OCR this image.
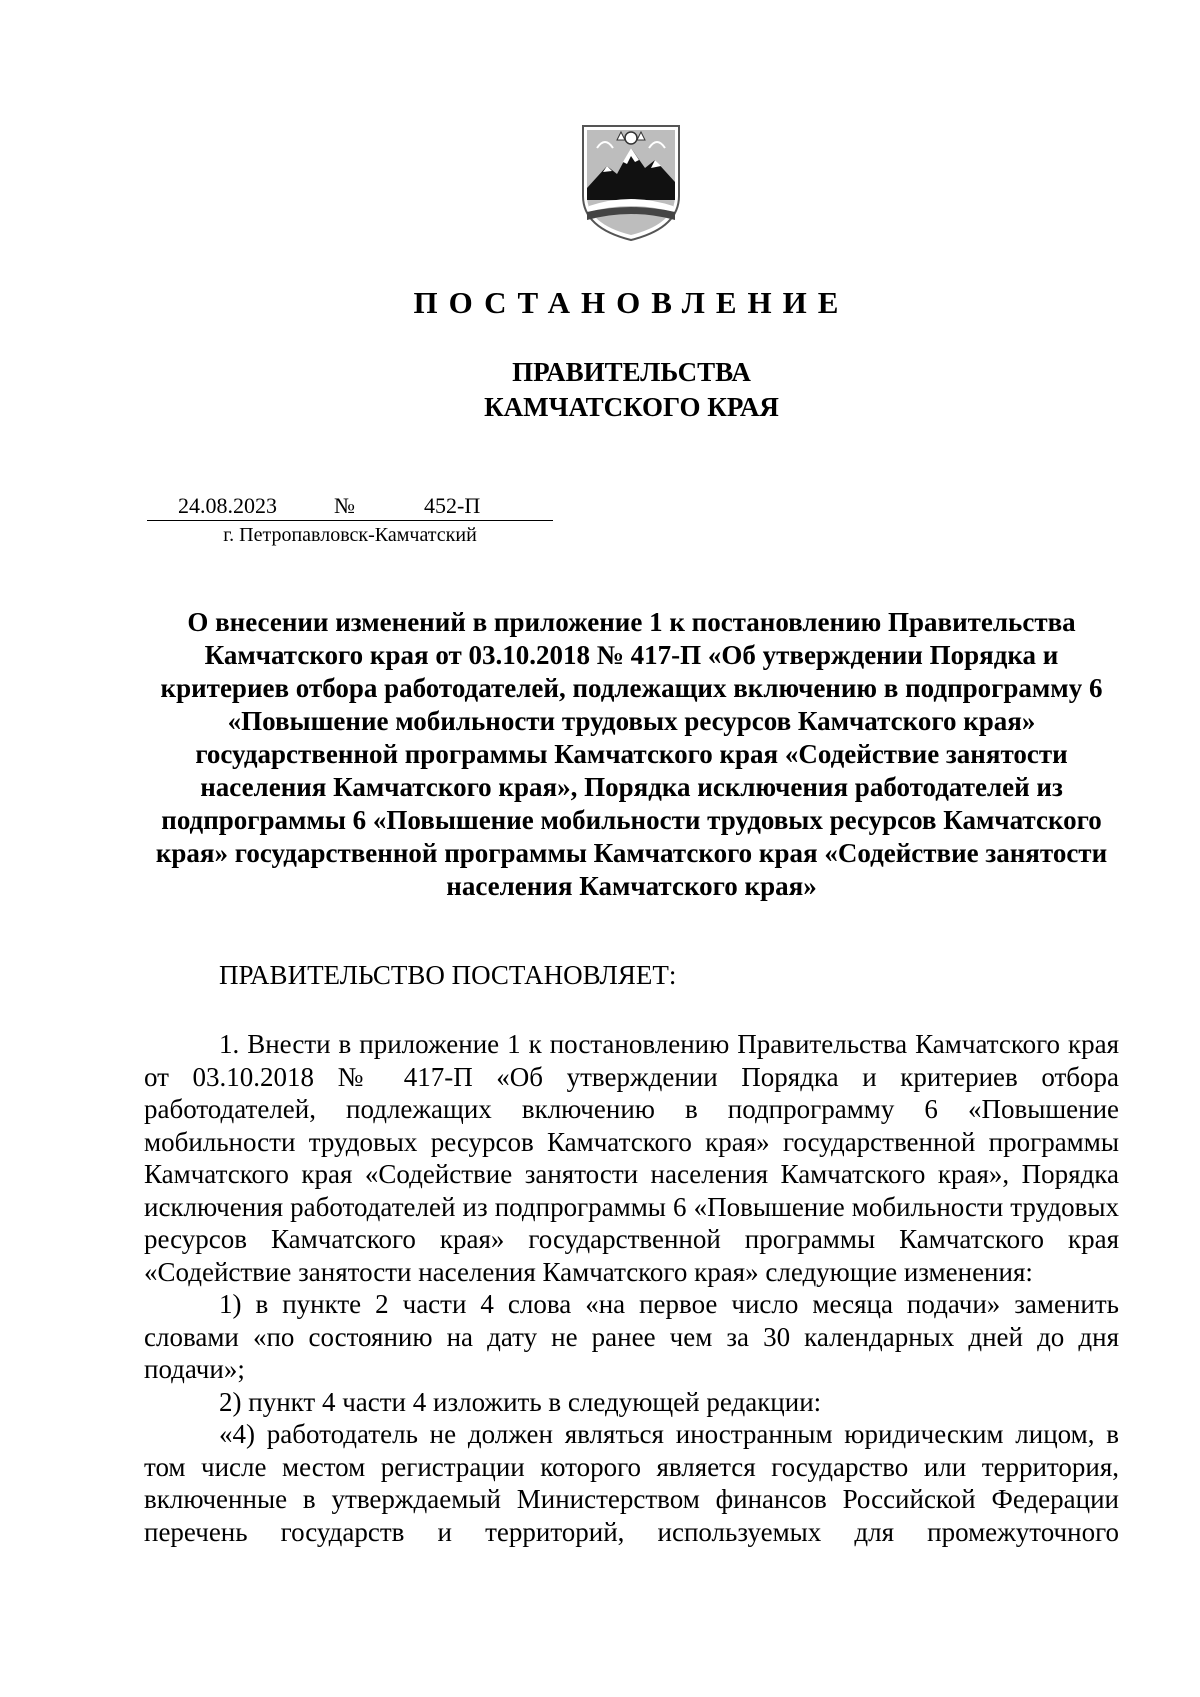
ПОСТАНОВЛЕНИЕ
ПРАВИТЕЛЬСТВА
КАМЧАТСКОГО КРАЯ
24.08.2023	№	452-П
г. Петропавловск-Камчатский
О внесении изменений в приложение 1 к постановлению Правительства Камчатского края от 03.10.2018 № 417-П «Об утверждении Порядка и критериев отбора работодателей, подлежащих включению в подпрограмму 6 «Повышение мобильности трудовых ресурсов Камчатского края» государственной программы Камчатского края «Содействие занятости населения Камчатского края», Порядка исключения работодателей из подпрограммы 6 «Повышение мобильности трудовых ресурсов Камчатского края» государственной программы Камчатского края «Содействие занятости населения Камчатского края»
ПРАВИТЕЛЬСТВО ПОСТАНОВЛЯЕТ:

1. Внести в приложение 1 к постановлению Правительства Камчатского края от 03.10.2018 № 417-П «Об утверждении Порядка и критериев отбора работодателей, подлежащих включению в подпрограмму 6 «Повышение мобильности трудовых ресурсов Камчатского края» государственной программы Камчатского края «Содействие занятости населения Камчатского края», Порядка исключения работодателей из подпрограммы 6 «Повышение мобильности трудовых ресурсов Камчатского края» государственной программы Камчатского края «Содействие занятости населения Камчатского края» следующие изменения:

1) в пункте 2 части 4 слова «на первое число месяца подачи» заменить словами «по состоянию на дату не ранее чем за 30 календарных дней до дня подачи»;

2) пункт 4 части 4 изложить в следующей редакции:

«4) работодатель не должен являться иностранным юридическим лицом, в том числе местом регистрации которого является государство или территория, включенные в утверждаемый Министерством финансов Российской Федерации перечень государств и территорий, используемых для промежуточного
